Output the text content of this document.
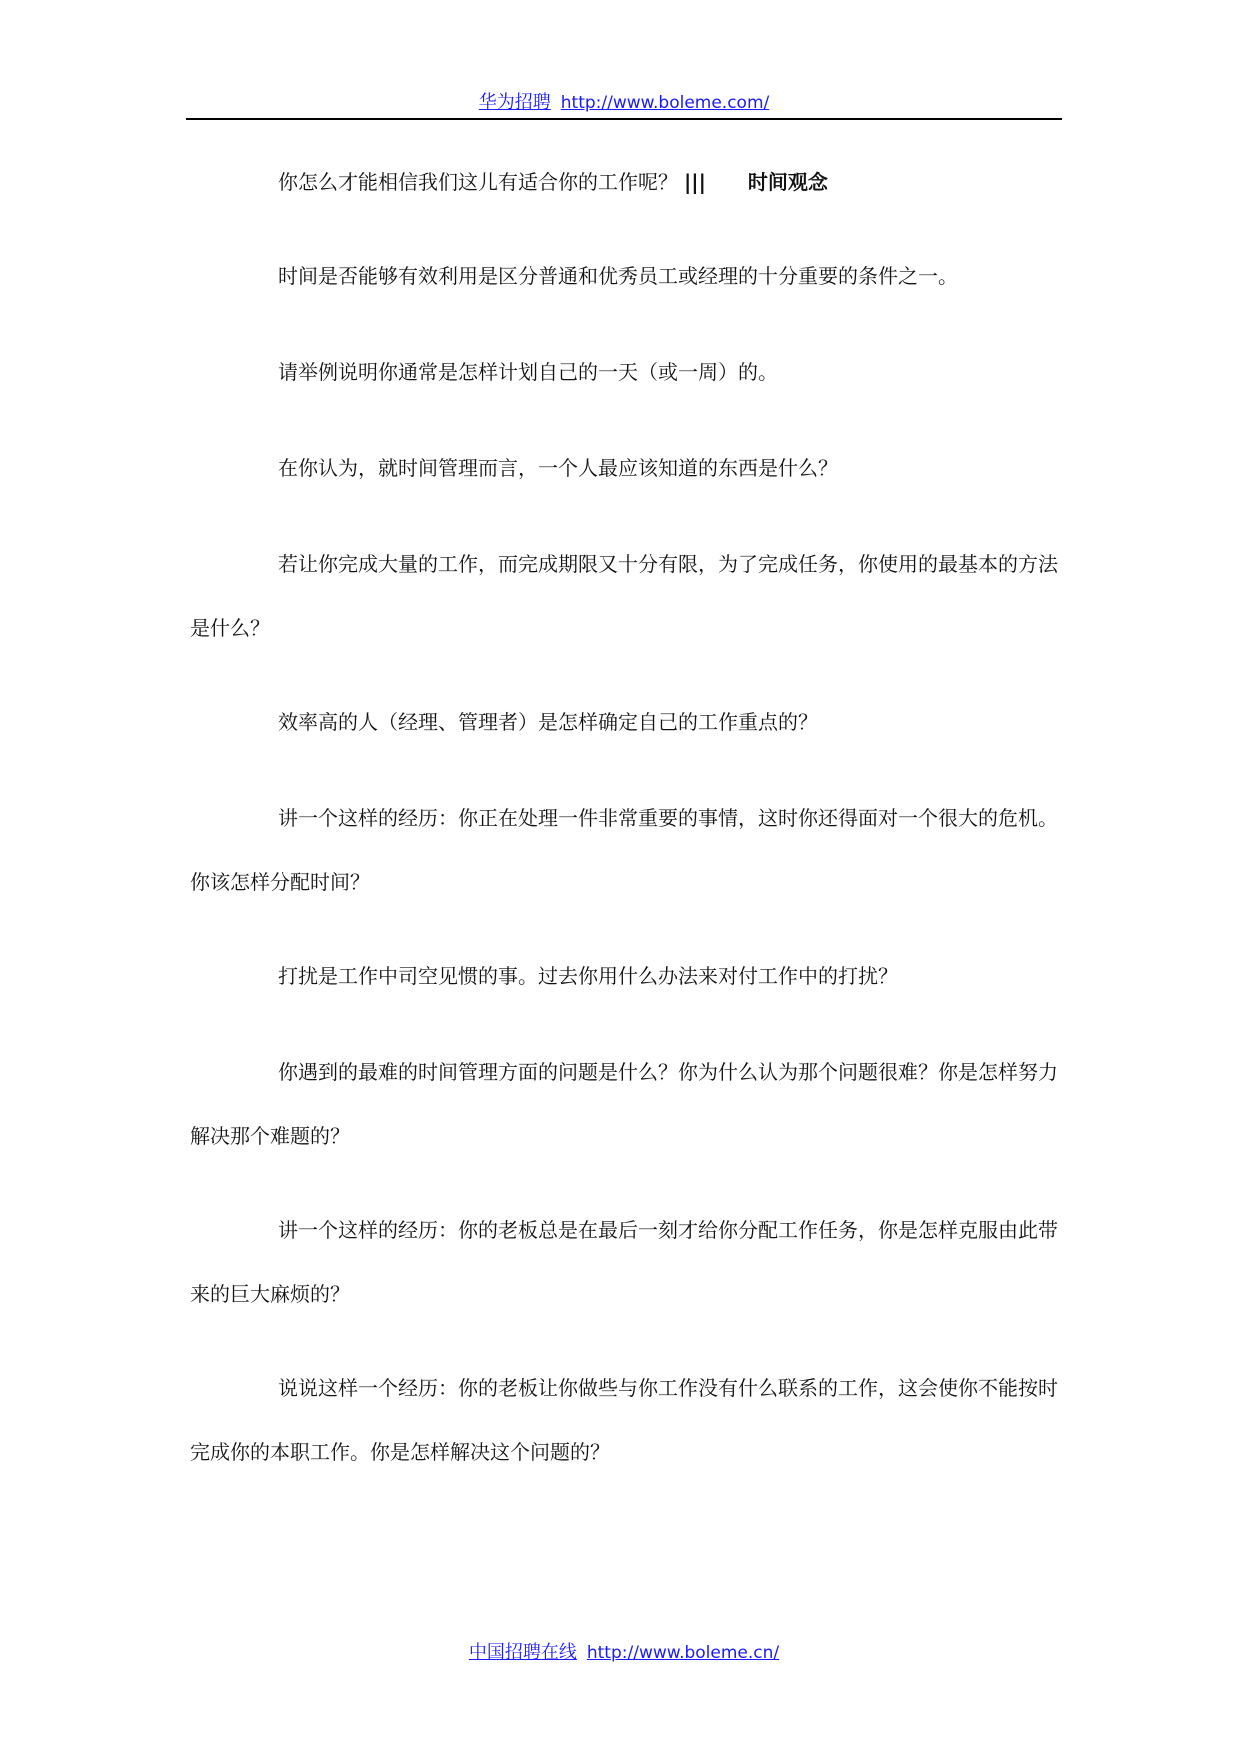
华为招聘 http://www.boleme.com/

你怎么才能相信我们这儿有适合你的工作呢？ ||| 时间观念

时间是否能够有效利用是区分普通和优秀员工或经理的十分重要的条件之一。

请举例说明你通常是怎样计划自己的一天（或一周）的。

在你认为，就时间管理而言，一个人最应该知道的东西是什么？

若让你完成大量的工作，而完成期限又十分有限，为了完成任务，你使用的最基本的方法是什么？

效率高的人（经理、管理者）是怎样确定自己的工作重点的？

讲一个这样的经历：你正在处理一件非常重要的事情，这时你还得面对一个很大的危机。你该怎样分配时间？

打扰是工作中司空见惯的事。过去你用什么办法来对付工作中的打扰？

你遇到的最难的时间管理方面的问题是什么？你为什么认为那个问题很难？你是怎样努力解决那个难题的？

讲一个这样的经历：你的老板总是在最后一刻才给你分配工作任务，你是怎样克服由此带来的巨大麻烦的？

说说这样一个经历：你的老板让你做些与你工作没有什么联系的工作，这会使你不能按时完成你的本职工作。你是怎样解决这个问题的？

中国招聘在线 http://www.boleme.cn/
